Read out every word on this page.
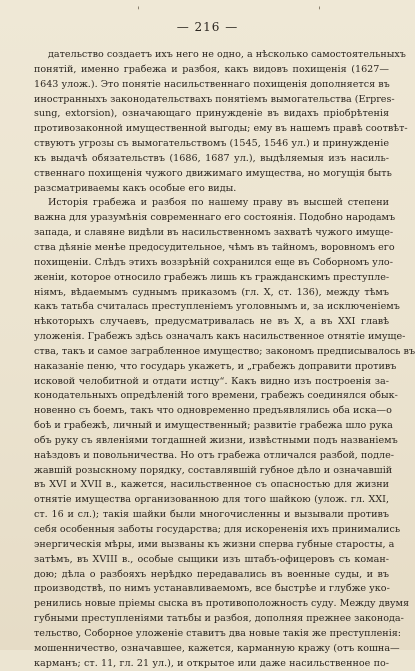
'	'
— 216 —
дательство создаетъ ихъ него не одно, а нѣсколько самостоятельныхъ
понятій, именно грабежа и разбоя, какъ видовъ похищенія (1627—
1643 улож.). Это понятіе насильственнаго похищенія дополняется въ
иностранныхъ законодательствахъ понятіемъ вымогательства (Erpres-
sung, extorsion), означающаго принужденіе въ видахъ пріобрѣтенія
противозаконной имущественной выгоды; ему въ нашемъ правѣ соотвѣт-
ствуютъ угрозы съ вымогательствомъ (1545, 1546 ул.) и принужденіе
къ выдачѣ обязательствъ (1686, 1687 ул.), выдѣляемыя изъ насиль-
ственнаго похищенія чужого движимаго имущества, но могущія быть
разсматриваемы какъ особые его виды.
Исторія грабежа и разбоя по нашему праву въ высшей степени
важна для уразумѣнія современнаго его состоянія. Подобно народамъ
запада, и славяне видѣли въ насильственномъ захватѣ чужого имуще-
ства дѣяніе менѣе предосудительное, чѣмъ въ тайномъ, воровномъ его
похищеніи. Слѣдъ этихъ воззрѣній сохранился еще въ Соборномъ уло-
женіи, которое относило грабежъ лишь къ гражданскимъ преступле-
ніямъ, вѣдаемымъ суднымъ приказомъ (гл. Х, ст. 136), между тѣмъ
какъ татьба считалась преступленіемъ уголовнымъ и, за исключеніемъ
нѣкоторыхъ случаевъ, предусматривалась не въ Х, а въ ХХI главѣ
уложенія. Грабежъ здѣсь означалъ какъ насильственное отнятіе имуще-
ства, такъ и самое заграбленное имущество; закономъ предписывалось въ
наказаніе пеню, что государь укажетъ, и „грабежъ доправити противъ
исковой челобитной и отдати истцу“. Какъ видно изъ построенія за-
конодательныхъ опредѣленій того времени, грабежъ соединялся обык-
новенно съ боемъ, такъ что одновременно предъявлялись оба иска—о
боѣ и грабежѣ, личный и имущественный; развитіе грабежа шло рука
объ руку съ явленіями тогдашней жизни, извѣстными подъ названіемъ
наѣздовъ и повольничества. Но отъ грабежа отличался разбой, подле-
жавшій розыскному порядку, составлявшій губное дѣло и означавшій
въ ХVI и ХVII в., кажется, насильственное съ опасностью для жизни
отнятіе имущества организованною для того шайкою (улож. гл. ХХI,
ст. 16 и сл.); такія шайки были многочисленны и вызывали противъ
себя особенныя заботы государства; для искорененія ихъ принимались
энергическія мѣры, ими вызваны къ жизни сперва губные старосты, а
затѣмъ, въ ХVIII в., особые сыщики изъ штабъ-офицеровъ съ коман-
дою; дѣла о разбояхъ нерѣдко передавались въ военные суды, и въ
производствѣ, по нимъ устанавливаемомъ, все быстрѣе и глубже уко-
ренились новые пріемы сыска въ противоположность суду. Между двумя
губными преступленіями татьбы и разбоя, дополняя прежнее законода-
тельство, Соборное уложеніе ставитъ два новые такія же преступленія:
мошенничество, означавшее, кажется, карманную кражу (отъ кошна—
карманъ; ст. 11, гл. 21 ул.), и открытое или даже насильственное по-
